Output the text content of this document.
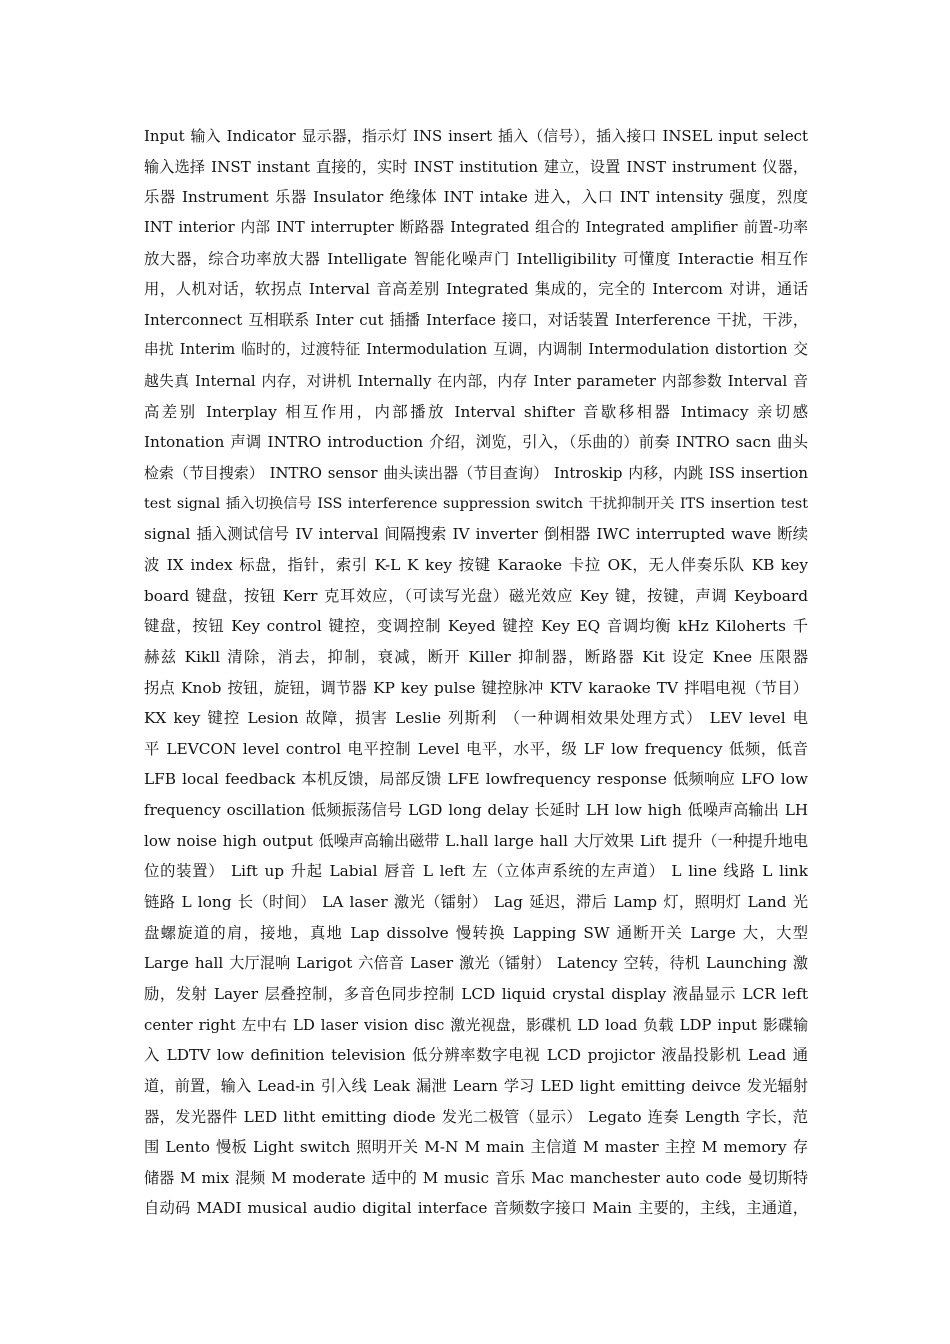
Input 输入 Indicator 显示器，指示灯 INS insert 插入（信号），插入接口 INSEL input select
输入选择 INST instant 直接的，实时 INST institution 建立，设置 INST instrument 仪器，
乐器 Instrument 乐器 Insulator 绝缘体 INT intake 进入，入口 INT intensity 强度，烈度
INT interior 内部 INT interrupter 断路器 Integrated 组合的 Integrated amplifier 前置-功率
放大器，综合功率放大器 Intelligate 智能化噪声门 Intelligibility 可懂度 Interactie 相互作
用，人机对话，软拐点 Interval 音高差别 Integrated 集成的，完全的 Intercom 对讲，通话
Interconnect 互相联系 Inter cut 插播 Interface 接口，对话装置 Interference 干扰，干涉，
串扰 Interim 临时的，过渡特征 Intermodulation 互调，内调制 Intermodulation distortion 交
越失真 Internal 内存，对讲机 Internally 在内部，内存 Inter parameter 内部参数 Interval 音
高差别 Interplay 相互作用，内部播放 Interval shifter 音歇移相器 Intimacy 亲切感
Intonation 声调 INTRO introduction 介绍，浏览，引入，（乐曲的）前奏 INTRO sacn 曲头
检索（节目搜索） INTRO sensor 曲头读出器（节目查询） Introskip 内移，内跳 ISS insertion
test signal 插入切换信号 ISS interference suppression switch 干扰抑制开关 ITS insertion test
signal 插入测试信号 IV interval 间隔搜索 IV inverter 倒相器 IWC interrupted wave 断续
波 IX index 标盘，指针，索引 K-L K key 按键 Karaoke 卡拉 OK，无人伴奏乐队 KB key
board 键盘，按钮 Kerr 克耳效应，（可读写光盘）磁光效应 Key 键，按键，声调 Keyboard
键盘，按钮 Key control 键控，变调控制 Keyed 键控 Key EQ 音调均衡 kHz Kiloherts 千
赫兹 Kikll 清除，消去，抑制，衰减，断开 Killer 抑制器，断路器 Kit 设定 Knee 压限器
拐点 Knob 按钮，旋钮，调节器 KP key pulse 键控脉冲 KTV karaoke TV 拌唱电视（节目）
KX key 键控 Lesion 故障，损害 Leslie 列斯利 （一种调相效果处理方式） LEV level 电
平 LEVCON level control 电平控制 Level 电平，水平，级 LF low frequency 低频，低音
LFB local feedback 本机反馈，局部反馈 LFE lowfrequency response 低频响应 LFO low
frequency oscillation 低频振荡信号 LGD long delay 长延时 LH low high 低噪声高输出 LH
low noise high output 低噪声高输出磁带 L.hall large hall 大厅效果 Lift 提升（一种提升地电
位的装置） Lift up 升起 Labial 唇音 L left 左（立体声系统的左声道） L line 线路 L link
链路 L long 长（时间） LA laser 激光（镭射） Lag 延迟，滞后 Lamp 灯，照明灯 Land 光
盘螺旋道的肩，接地，真地 Lap dissolve 慢转换 Lapping SW 通断开关 Large 大，大型
Large hall 大厅混响 Larigot 六倍音 Laser 激光（镭射） Latency 空转，待机 Launching 激
励，发射 Layer 层叠控制，多音色同步控制 LCD liquid crystal display 液晶显示 LCR left
center right 左中右 LD laser vision disc 激光视盘，影碟机 LD load 负载 LDP input 影碟输
入 LDTV low definition television 低分辨率数字电视 LCD projictor 液晶投影机 Lead 通
道，前置，输入 Lead-in 引入线 Leak 漏泄 Learn 学习 LED light emitting deivce 发光辐射
器，发光器件 LED litht emitting diode 发光二极管（显示） Legato 连奏 Length 字长，范
围 Lento 慢板 Light switch 照明开关 M-N M main 主信道 M master 主控 M memory 存
储器 M mix 混频 M moderate 适中的 M music 音乐 Mac manchester auto code 曼切斯特
自动码 MADI musical audio digital interface 音频数字接口 Main 主要的，主线，主通道，
